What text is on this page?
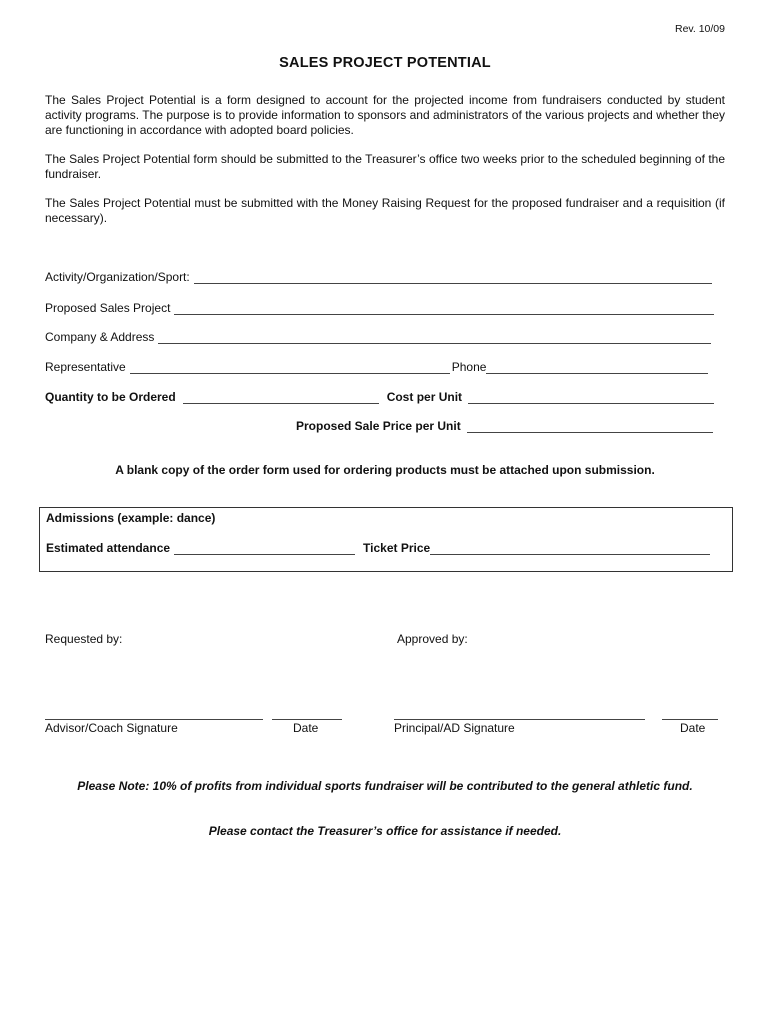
Rev. 10/09
SALES PROJECT POTENTIAL
The Sales Project Potential is a form designed to account for the projected income from fundraisers conducted by student activity programs. The purpose is to provide information to sponsors and administrators of the various projects and whether they are functioning in accordance with adopted board policies.
The Sales Project Potential form should be submitted to the Treasurer’s office two weeks prior to the scheduled beginning of the fundraiser.
The Sales Project Potential must be submitted with the Money Raising Request for the proposed fundraiser and a requisition (if necessary).
Activity/Organization/Sport:
Proposed Sales Project
Company & Address
Representative	Phone
Quantity to be Ordered	Cost per Unit
Proposed Sale Price per Unit
A blank copy of the order form used for ordering products must be attached upon submission.
Admissions (example: dance)
Estimated attendance	Ticket Price
Requested by:	Approved by:
Advisor/Coach Signature	Date	Principal/AD Signature	Date
Please Note: 10% of profits from individual sports fundraiser will be contributed to the general athletic fund.
Please contact the Treasurer’s office for assistance if needed.
